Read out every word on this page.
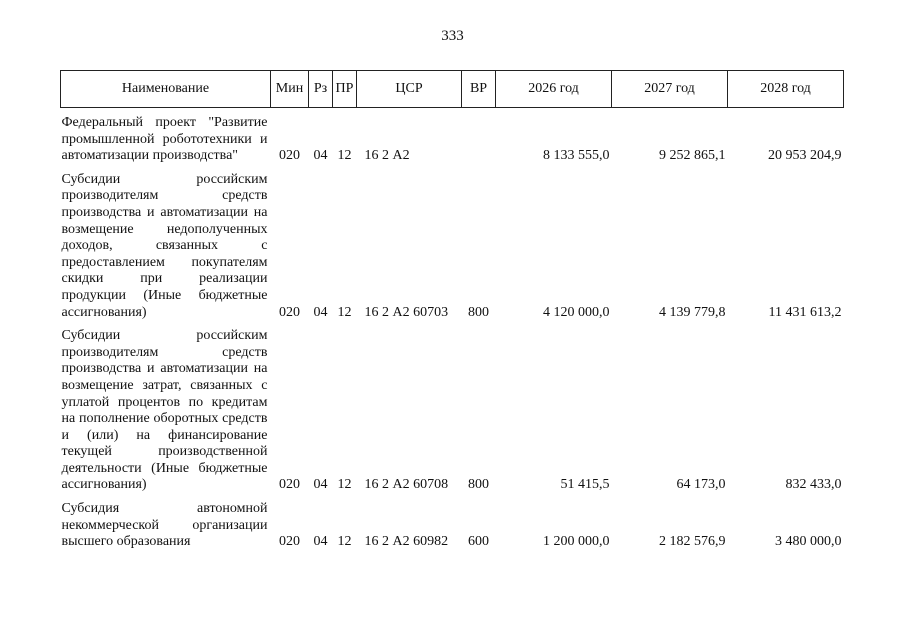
333
Наименование	Мин	Рз	ПР	ЦСР	ВР	2026 год	2027 год	2028 год
Федеральный проект "Развитие промышленной робототехники и автоматизации производства"	020	04	12	16 2 А2		8 133 555,0	9 252 865,1	20 953 204,9
Субсидии российским производителям средств производства и автоматизации на возмещение недополученных доходов, связанных с предоставлением покупателям скидки при реализации продукции (Иные бюджетные ассигнования)	020	04	12	16 2 А2 60703	800	4 120 000,0	4 139 779,8	11 431 613,2
Субсидии российским производителям средств производства и автоматизации на возмещение затрат, связанных с уплатой процентов по кредитам на пополнение оборотных средств и (или) на финансирование текущей производственной деятельности (Иные бюджетные ассигнования)	020	04	12	16 2 А2 60708	800	51 415,5	64 173,0	832 433,0
Субсидия автономной некоммерческой организации высшего образования	020	04	12	16 2 А2 60982	600	1 200 000,0	2 182 576,9	3 480 000,0
